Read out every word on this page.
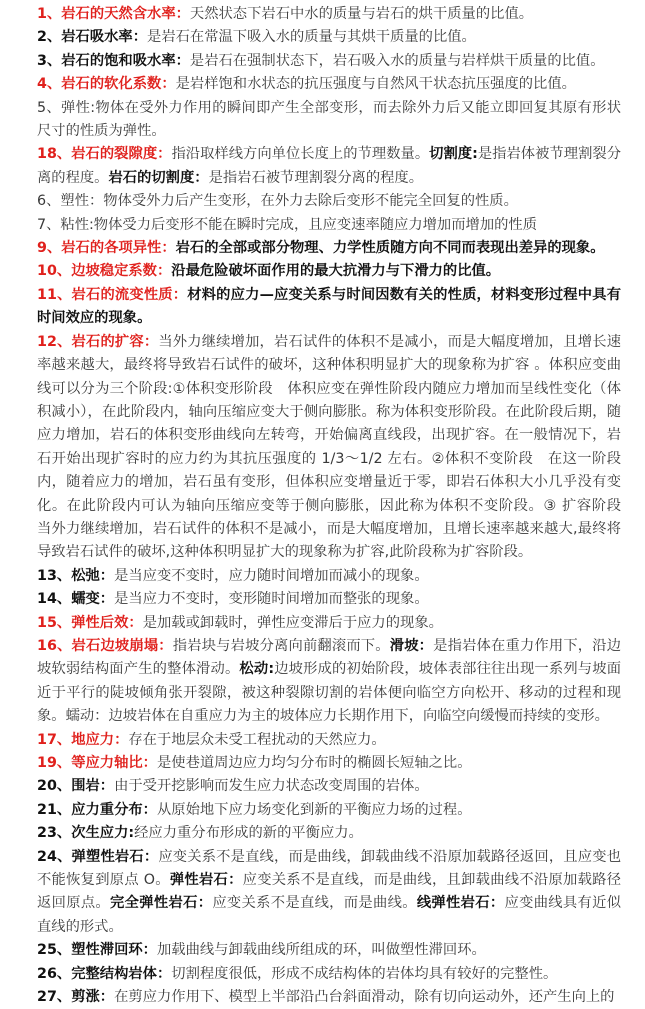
1、岩石的天然含水率：天然状态下岩石中水的质量与岩石的烘干质量的比值。

2、岩石吸水率：是岩石在常温下吸入水的质量与其烘干质量的比值。

3、岩石的饱和吸水率：是岩石在强制状态下，岩石吸入水的质量与岩样烘干质量的比值。

4、岩石的软化系数：是岩样饱和水状态的抗压强度与自然风干状态抗压强度的比值。

5、弹性:物体在受外力作用的瞬间即产生全部变形，而去除外力后又能立即回复其原有形状尺寸的性质为弹性。

18、岩石的裂隙度：指沿取样线方向单位长度上的节理数量。切割度:是指岩体被节理割裂分离的程度。岩石的切割度：是指岩石被节理割裂分离的程度。

6、塑性：物体受外力后产生变形，在外力去除后变形不能完全回复的性质。

7、粘性:物体受力后变形不能在瞬时完成，且应变速率随应力增加而增加的性质

9、岩石的各项异性：岩石的全部或部分物理、力学性质随方向不同而表现出差异的现象。

10、边坡稳定系数：沿最危险破坏面作用的最大抗滑力与下滑力的比值。

11、岩石的流变性质：材料的应力—应变关系与时间因数有关的性质，材料变形过程中具有时间效应的现象。

12、岩石的扩容：当外力继续增加，岩石试件的体积不是减小，而是大幅度增加，且增长速率越来越大，最终将导致岩石试件的破坏，这种体积明显扩大的现象称为扩容 。体积应变曲线可以分为三个阶段:①体积变形阶段　体积应变在弹性阶段内随应力增加而呈线性变化（体积减小），在此阶段内，轴向压缩应变大于侧向膨胀。称为体积变形阶段。在此阶段后期，随应力增加，岩石的体积变形曲线向左转弯，开始偏离直线段，出现扩容。在一般情况下，岩石开始出现扩容时的应力约为其抗压强度的 1/3～1/2 左右。②体积不变阶段　在这一阶段内，随着应力的增加，岩石虽有变形，但体积应变增量近于零，即岩石体积大小几乎没有变化。在此阶段内可认为轴向压缩应变等于侧向膨胀，因此称为体积不变阶段。③ 扩容阶段　当外力继续增加，岩石试件的体积不是减小，而是大幅度增加，且增长速率越来越大,最终将导致岩石试件的破坏,这种体积明显扩大的现象称为扩容,此阶段称为扩容阶段。

13、松弛：是当应变不变时，应力随时间增加而减小的现象。

14、蠕变：是当应力不变时，变形随时间增加而整张的现象。

15、弹性后效：是加载或卸载时，弹性应变滞后于应力的现象。

16、岩石边坡崩塌：指岩块与岩坡分离向前翻滚而下。滑坡：是指岩体在重力作用下，沿边坡软弱结构面产生的整体滑动。松动:边坡形成的初始阶段，坡体表部往往出现一系列与坡面近于平行的陡坡倾角张开裂隙，被这种裂隙切割的岩体便向临空方向松开、移动的过程和现象。蠕动：边坡岩体在自重应力为主的坡体应力长期作用下，向临空向缓慢而持续的变形。

17、地应力：存在于地层众未受工程扰动的天然应力。

19、等应力轴比：是使巷道周边应力均匀分布时的椭圆长短轴之比。

20、围岩：由于受开挖影响而发生应力状态改变周围的岩体。

21、应力重分布：从原始地下应力场变化到新的平衡应力场的过程。

23、次生应力:经应力重分布形成的新的平衡应力。

24、弹塑性岩石：应变关系不是直线，而是曲线，卸载曲线不沿原加载路径返回，且应变也不能恢复到原点 O。弹性岩石：应变关系不是直线，而是曲线，且卸载曲线不沿原加载路径返回原点。完全弹性岩石：应变关系不是直线，而是曲线。线弹性岩石：应变曲线具有近似直线的形式。

25、塑性滞回环：加载曲线与卸载曲线所组成的环，叫做塑性滞回环。

26、完整结构岩体：切割程度很低，形成不成结构体的岩体均具有较好的完整性。

27、剪涨：在剪应力作用下、模型上半部沿凸台斜面滑动，除有切向运动外，还产生向上的
